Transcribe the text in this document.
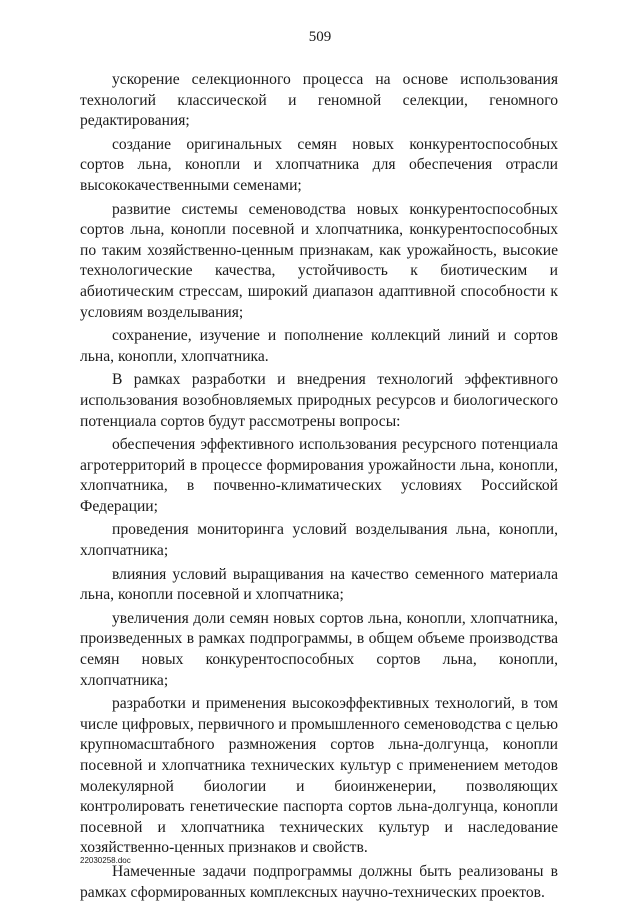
509

ускорение селекционного процесса на основе использования технологий классической и геномной селекции, геномного редактирования;

создание оригинальных семян новых конкурентоспособных сортов льна, конопли и хлопчатника для обеспечения отрасли высококачественными семенами;

развитие системы семеноводства новых конкурентоспособных сортов льна, конопли посевной и хлопчатника, конкурентоспособных по таким хозяйственно-ценным признакам, как урожайность, высокие технологические качества, устойчивость к биотическим и абиотическим стрессам, широкий диапазон адаптивной способности к условиям возделывания;

сохранение, изучение и пополнение коллекций линий и сортов льна, конопли, хлопчатника.

В рамках разработки и внедрения технологий эффективного использования возобновляемых природных ресурсов и биологического потенциала сортов будут рассмотрены вопросы:

обеспечения эффективного использования ресурсного потенциала агротерриторий в процессе формирования урожайности льна, конопли, хлопчатника, в почвенно-климатических условиях Российской Федерации;

проведения мониторинга условий возделывания льна, конопли, хлопчатника;

влияния условий выращивания на качество семенного материала льна, конопли посевной и хлопчатника;

увеличения доли семян новых сортов льна, конопли, хлопчатника, произведенных в рамках подпрограммы, в общем объеме производства семян новых конкурентоспособных сортов льна, конопли, хлопчатника;

разработки и применения высокоэффективных технологий, в том числе цифровых, первичного и промышленного семеноводства с целью крупномасштабного размножения сортов льна-долгунца, конопли посевной и хлопчатника технических культур с применением методов молекулярной биологии и биоинженерии, позволяющих контролировать генетические паспорта сортов льна-долгунца, конопли посевной и хлопчатника технических культур и наследование хозяйственно-ценных признаков и свойств.

Намеченные задачи подпрограммы должны быть реализованы в рамках сформированных комплексных научно-технических проектов.

22030258.doc
